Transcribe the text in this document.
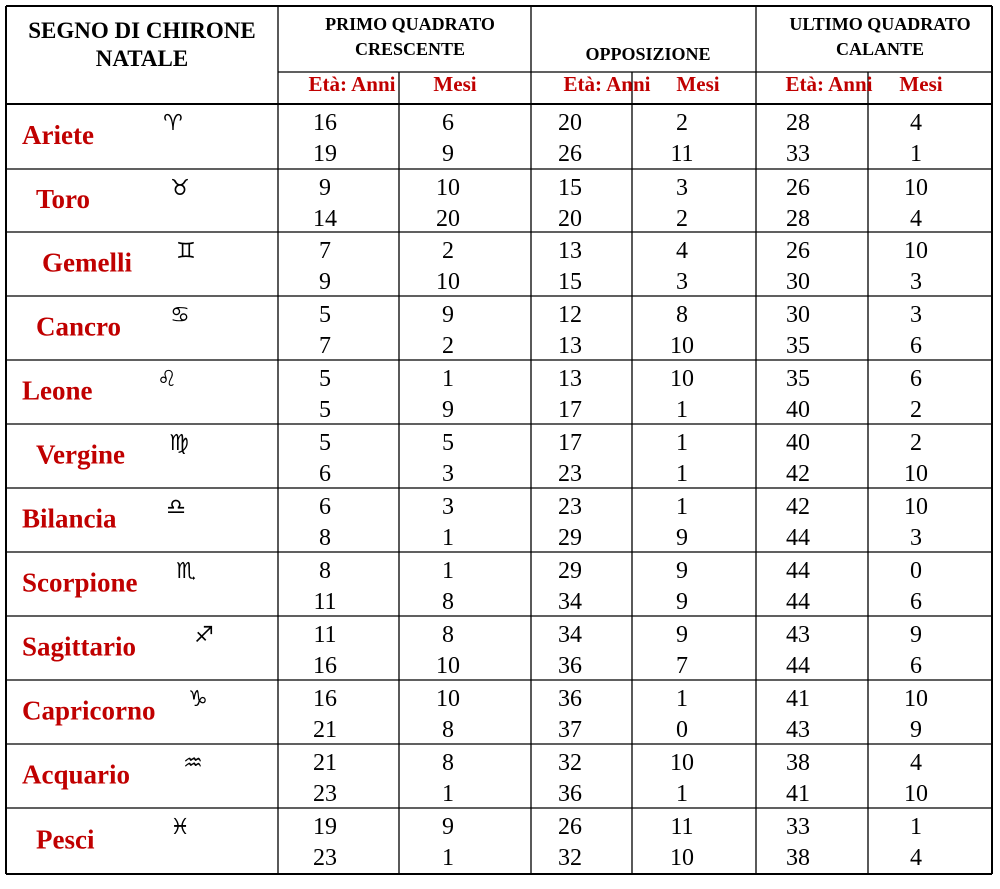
SEGNO DI CHIRONE
NATALE
PRIMO QUADRATO
CRESCENTE
Età: Anni Mesi
OPPOSIZIONE
Età: Anni Mesi
ULTIMO QUADRATO
CALANTE
Età: Anni Mesi
Ariete	♈	16	6	20	2	28	4
19	9	26	11	33	1
Toro	♉	9	10	15	3	26	10
14	20	20	2	28	4
Gemelli ♊	7	2	13	4	26	10
9	10	15	3	30	3
Cancro ♋	5	9	12	8	30	3
7	2	13	10	35	6
Leone	♌	5	1	13	10	35	6
5	9	17	1	40	2
Vergine ♍	5	5	17	1	40	2
6	3	23	1	42	10
Bilancia ♎	6	3	23	1	42	10
8	1	29	9	44	3
Scorpione ♏	8	1	29	9	44	0
11	8	34	9	44	6
Sagittario	♐	11	8	34	9	43	9
16	10	36	7	44	6
Capricorno ♑	16	10	36	1	41	10
21	8	37	0	43	9
Acquario ♒	21	8	32	10	38	4
23	1	36	1	41	10
Pesci	♓	19	9	26	11	33	1
23	1	32	10	38	4
